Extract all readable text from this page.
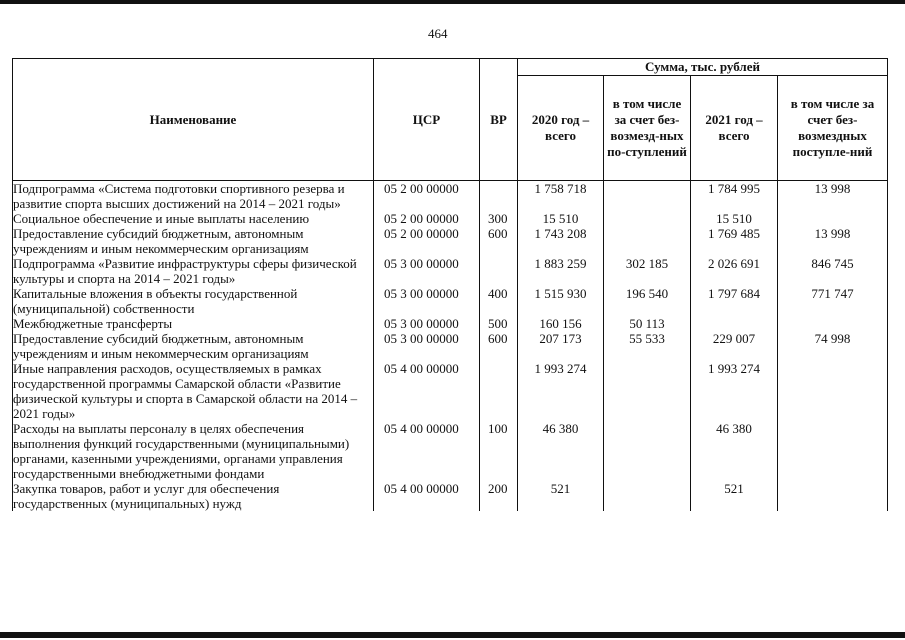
464
Наименование	ЦСР	ВР	Сумма, тыс. рублей			
			2020 год – всего	в том числе за счет без-возмезд-ных по-ступлений	2021 год – всего	в том числе за счет без-возмездных поступле-ний
Подпрограмма «Система подготовки спортивного резерва и развитие спорта высших достижений на 2014 – 2021 годы»	05 2 00 00000		1 758 718		1 784 995	13 998
Социальное обеспечение и иные выплаты населению	05 2 00 00000	300	15 510		15 510	
Предоставление субсидий бюджетным, автономным учреждениям и иным некоммерческим организациям	05 2 00 00000	600	1 743 208		1 769 485	13 998
Подпрограмма «Развитие инфраструктуры сферы физической культуры и спорта на 2014 – 2021 годы»	05 3 00 00000		1 883 259	302 185	2 026 691	846 745
Капитальные вложения в объекты государственной (муниципальной) собственности	05 3 00 00000	400	1 515 930	196 540	1 797 684	771 747
Межбюджетные трансферты	05 3 00 00000	500	160 156	50 113		
Предоставление субсидий бюджетным, автономным учреждениям и иным некоммерческим организациям	05 3 00 00000	600	207 173	55 533	229 007	74 998
Иные направления расходов, осуществляемых в рамках государственной программы Самарской области «Развитие физической культуры и спорта в Самарской области на 2014 – 2021 годы»	05 4 00 00000		1 993 274		1 993 274	
Расходы на выплаты персоналу в целях обеспечения выполнения функций государственными (муниципальными) органами, казенными учреждениями, органами управления государственными внебюджетными фондами	05 4 00 00000	100	46 380		46 380	
Закупка товаров, работ и услуг для обеспечения государственных (муниципальных) нужд	05 4 00 00000	200	521		521	
